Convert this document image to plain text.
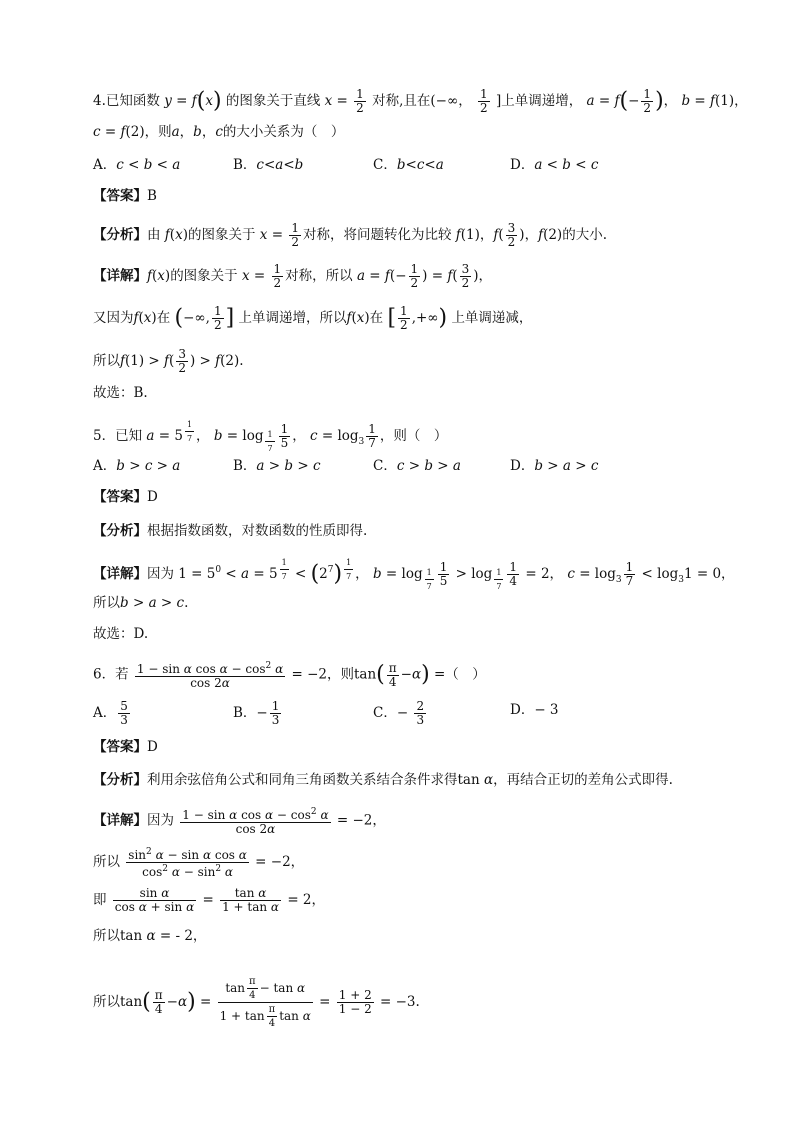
4.已知函数 y = f(x) 的图象关于直线 $x = \frac{1}{2}$ 对称,且在(−∞， $\frac{1}{2}$ ]上单调递增， $a = f(- \frac{1}{2}$ )， b = f(1)，
c = f(2)，则a，b，c的大小关系为（　）
A．c < b < a	B．c<a<b	C．b<c<a	D．a < b < c
【答案】B
【分析】由 f(x)的图象关于 $x = \frac{1}{2}$ 对称，将问题转化为比较 f(1)，$f( \frac{3}{2}$ )，f(2)的大小.
【详解】f(x)的图象关于 $x = \frac{1}{2}$ 对称，所以 $a = f(- \frac{1}{2}$ ) = $f( \frac{3}{2}$ )，
又因为f(x)在 (−∞, $\frac{1}{2}$ ] 上单调递增，所以f(x)在 [ $\frac{1}{2}$ ,+∞) 上单调递减，
所以$f(1) > f( \frac{3}{2}$ ) > f(2).
故选：B.
5．已知 a = 5 $^{\frac{1}{7}}$ ， $b = \log _{\frac{1}{7}} \frac{1}{5}$ ， $c = \log_3 \frac{1}{7}$ ，则（　）
A．b > c > a	B．a > b > c	C．c > b > a	D．b > a > c
【答案】D
【分析】根据指数函数，对数函数的性质即得.
【详解】因为 $1 = 5^0 < a = 5$ $^{\frac{1}{7}} < (2^7)$ $^{\frac{1}{7}}$ ， $b = \log _{\frac{1}{7}} \frac{1}{5} > \log _{\frac{1}{7}} \frac{1}{4} = 2$， $c = \log_3 \frac{1}{7} < \log_31 = 0$，
所以b > a > c.
故选：D.
6．若 $\frac{1 - \sin \alpha \cos \alpha - \cos^2 \alpha}{\cos 2\alpha} = -2$，则$\tan( \frac{\pi}{4} -\alpha)$ =（　）
A． $\frac{5}{3}$	B．− $\frac{1}{3}$	C．− $\frac{2}{3}$	D．− 3
【答案】D
【分析】利用余弦倍角公式和同角三角函数关系结合条件求得tan α，再结合正切的差角公式即得.
【详解】因为 $\frac{1 - \sin \alpha \cos \alpha - \cos^2 \alpha}{\cos 2\alpha} = -2$，
所以 $\frac{\sin^2 \alpha - \sin \alpha \cos \alpha}{\cos^2 \alpha - \sin^2 \alpha} = -2$，
即 $\frac{\text{sin α}}{\text{cos α + sin α}} = \frac{\text{tan α}}{\text{1 + tan α}} = 2$，
所以tan α = - 2，
所以$\tan( \frac{\pi}{4} -\alpha) = \frac{\tan \frac{\pi}{4} - \tan \alpha}{1 + \tan \frac{\pi}{4} \tan \alpha} = \frac{1 + 2}{1 - 2} = -3$.
